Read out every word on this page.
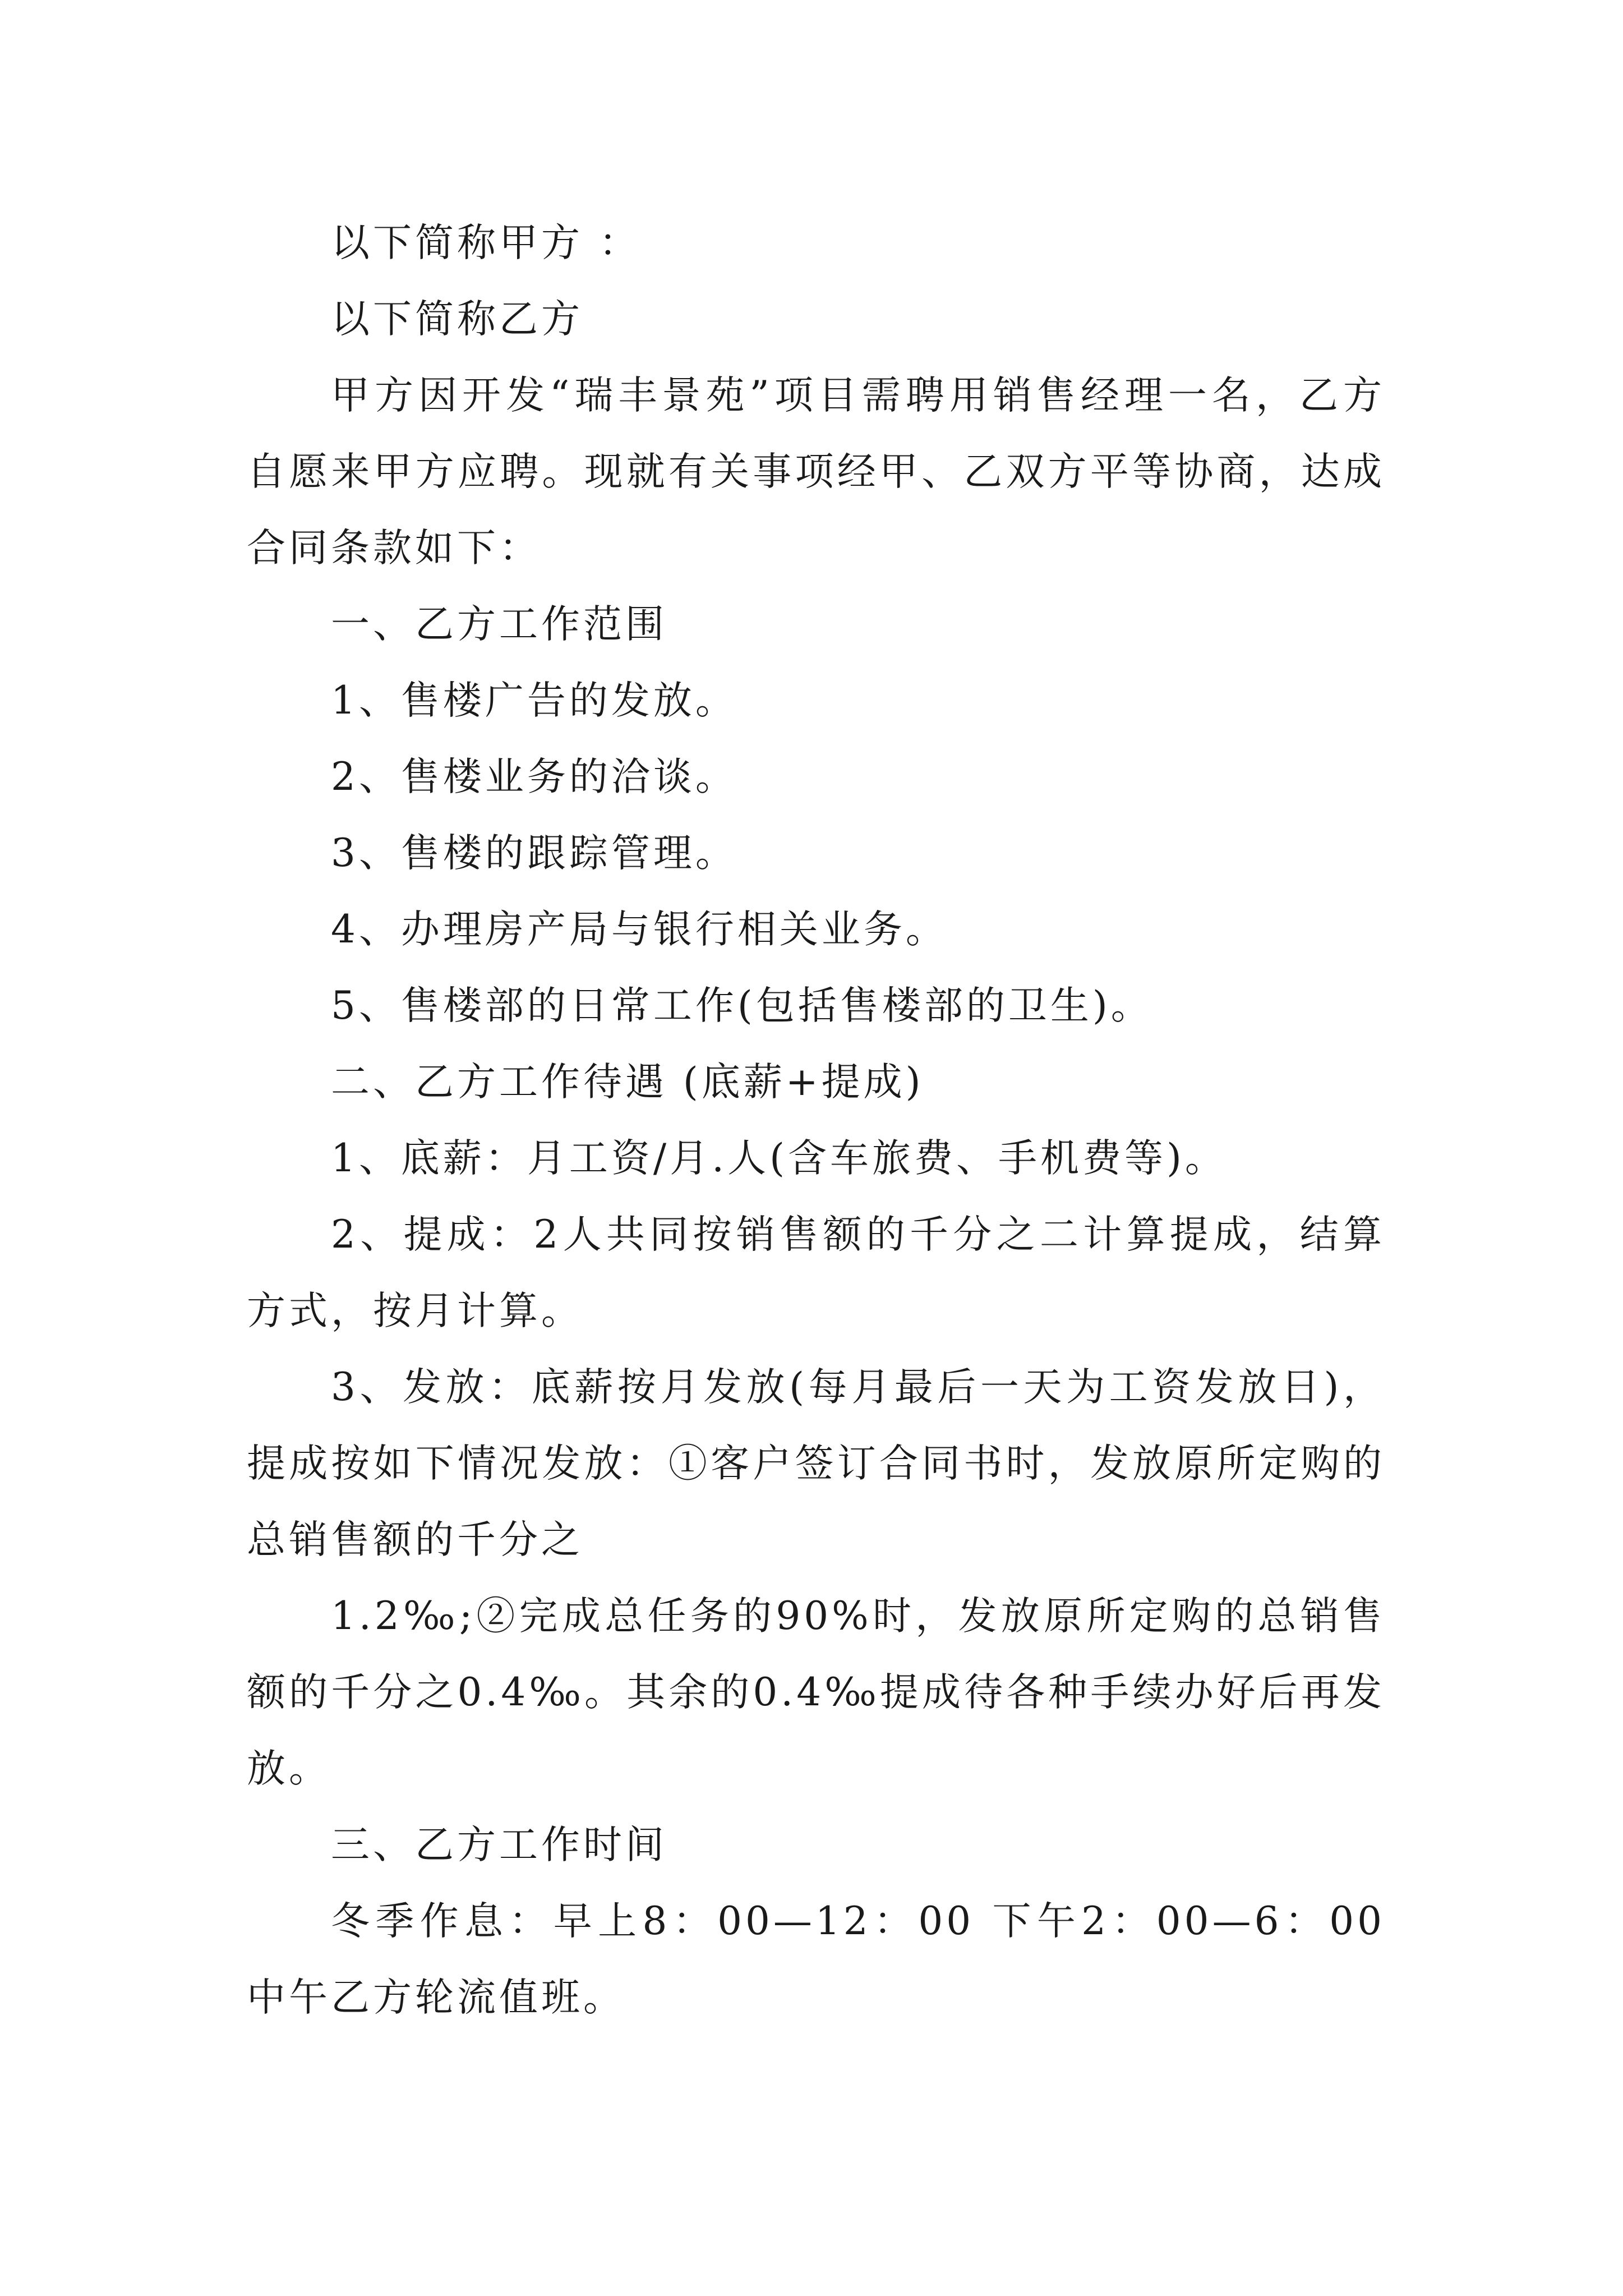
以下简称甲方 ：

以下简称乙方

甲方因开发“瑞丰景苑”项目需聘用销售经理一名，乙方自愿来甲方应聘。现就有关事项经甲、乙双方平等协商，达成合同条款如下：

一、乙方工作范围

1、售楼广告的发放。

2、售楼业务的洽谈。

3、售楼的跟踪管理。

4、办理房产局与银行相关业务。

5、售楼部的日常工作(包括售楼部的卫生)。

二、乙方工作待遇 (底薪+提成)

1、底薪：月工资/月.人(含车旅费、手机费等)。

2、提成：2人共同按销售额的千分之二计算提成，结算方式，按月计算。

3、发放：底薪按月发放(每月最后一天为工资发放日)，提成按如下情况发放：①客户签订合同书时，发放原所定购的总销售额的千分之

1.2‰;②完成总任务的90%时，发放原所定购的总销售额的千分之0.4‰。其余的0.4‰提成待各种手续办好后再发放。

三、乙方工作时间

冬季作息：早上8：00—12：00 下午2：00—6：00 中午乙方轮流值班。
